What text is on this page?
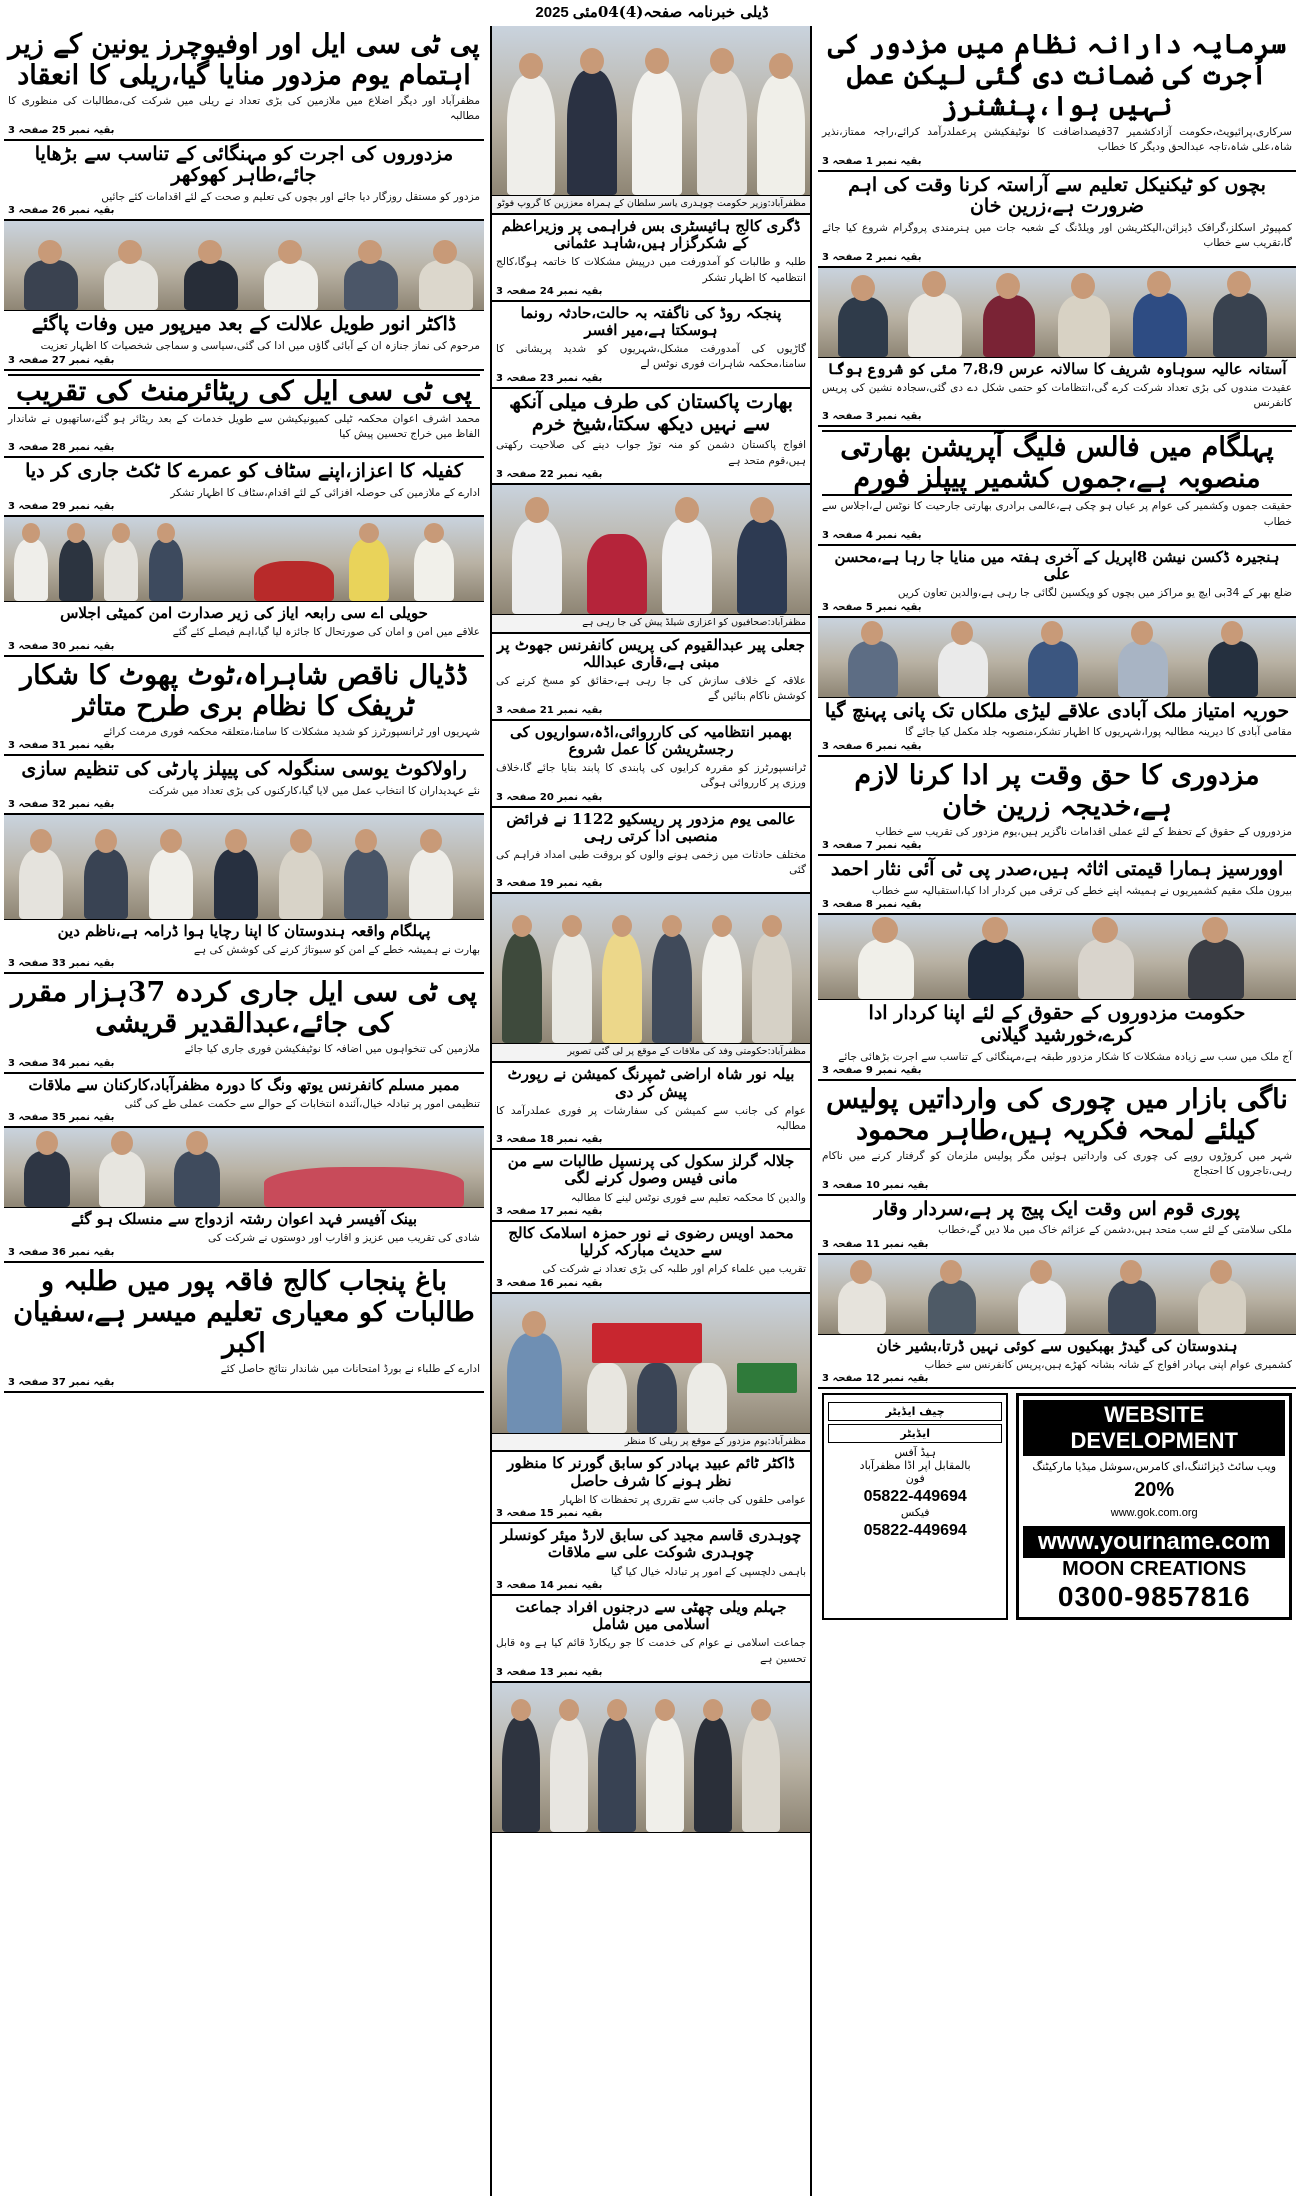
ڈیلی خبرنامہ صفحہ
(4)
04مئی
2025
سرمایہ دارانہ نظام میں مزدور کی اُجرت کی ضمانت دی گئی لیکن عمل نہیں ہوا،پنشنرز
سرکاری،پرائیویٹ،حکومت آزادکشمیر 37فیصداضافت کا نوٹیفکیشن پرعملدرآمد کرائے،راجہ ممتاز،نذیر شاہ،علی شاہ،تاجہ عبدالحق ودیگر کا خطاب
بقیہ نمبر 1 صفحہ 3
بچوں کو ٹیکنیکل تعلیم سے آراستہ کرنا وقت کی اہم ضرورت ہے،زرین خان
کمپیوٹر اسکلز،گرافک ڈیزائن،الیکٹریشن اور ویلڈنگ کے شعبہ جات میں ہنرمندی پروگرام شروع کیا جائے گا،تقریب سے خطاب
بقیہ نمبر 2 صفحہ 3
آستانہ عالیہ سوہاوہ شریف کا سالانہ عرس 7،8،9 مئی کو شروع ہوگا
عقیدت مندوں کی بڑی تعداد شرکت کرے گی،انتظامات کو حتمی شکل دے دی گئی،سجادہ نشین کی پریس کانفرنس
بقیہ نمبر 3 صفحہ 3
پہلگام میں فالس فلیگ آپریشن بھارتی منصوبہ ہے،جموں کشمیر پیپلز فورم
حقیقت جموں وکشمیر کی عوام پر عیاں ہو چکی ہے،عالمی برادری بھارتی جارحیت کا نوٹس لے،اجلاس سے خطاب
بقیہ نمبر 4 صفحہ 3
ہنجیرہ ڈکسن نیشن 8اپریل کے آخری ہفتہ میں منایا جا رہا ہے،محسن علی
ضلع بھر کے 34بی ایچ یو مراکز میں بچوں کو ویکسین لگائی جا رہی ہے،والدین تعاون کریں
بقیہ نمبر 5 صفحہ 3
حوریہ امتیاز ملک آبادی علاقے لیڑی ملکاں تک پانی پہنچ گیا
مقامی آبادی کا دیرینہ مطالبہ پورا،شہریوں کا اظہار تشکر،منصوبہ جلد مکمل کیا جائے گا
بقیہ نمبر 6 صفحہ 3
مزدوری کا حق وقت پر ادا کرنا لازم ہے،خدیجہ زرین خان
مزدوروں کے حقوق کے تحفظ کے لئے عملی اقدامات ناگزیر ہیں،یوم مزدور کی تقریب سے خطاب
بقیہ نمبر 7 صفحہ 3
اوورسیز ہمارا قیمتی اثاثہ ہیں،صدر پی ٹی آئی نثار احمد
بیرون ملک مقیم کشمیریوں نے ہمیشہ اپنے خطے کی ترقی میں کردار ادا کیا،استقبالیہ سے خطاب
بقیہ نمبر 8 صفحہ 3
حکومت مزدوروں کے حقوق کے لئے اپنا کردار ادا کرے،خورشید گیلانی
آج ملک میں سب سے زیادہ مشکلات کا شکار مزدور طبقہ ہے،مہنگائی کے تناسب سے اجرت بڑھائی جائے
بقیہ نمبر 9 صفحہ 3
ناگی بازار میں چوری کی وارداتیں پولیس کیلئے لمحہ فکریہ ہیں،طاہر محمود
شہر میں کروڑوں روپے کی چوری کی وارداتیں ہوئیں مگر پولیس ملزمان کو گرفتار کرنے میں ناکام رہی،تاجروں کا احتجاج
بقیہ نمبر 10 صفحہ 3
پوری قوم اس وقت ایک پیج پر ہے،سردار وقار
ملکی سلامتی کے لئے سب متحد ہیں،دشمن کے عزائم خاک میں ملا دیں گے،خطاب
بقیہ نمبر 11 صفحہ 3
ہندوستان کی گیدڑ بھبکیوں سے کوئی نہیں ڈرتا،بشیر خان
کشمیری عوام اپنی بہادر افواج کے شانہ بشانہ کھڑے ہیں،پریس کانفرنس سے خطاب
بقیہ نمبر 12 صفحہ 3
WEBSITE DEVELOPMENT
ویب سائٹ ڈیزائننگ،ای کامرس،سوشل میڈیا مارکیٹنگ
20%
www.gok.com.org
www.yourname.com
MOON CREATIONS
0300-9857816
چیف ایڈیٹر
ایڈیٹر
ہیڈ آفس
بالمقابل اپر اڈا مظفرآباد
فون
05822-449694
فیکس
05822-449694
مظفرآباد:وزیر حکومت چوہدری یاسر سلطان کے ہمراہ معززین کا گروپ فوٹو
ڈگری کالج ہائیسٹری بس فراہمی پر وزیراعظم کے شکرگزار ہیں،شاہد عثمانی
طلبہ و طالبات کو آمدورفت میں درپیش مشکلات کا خاتمہ ہوگا،کالج انتظامیہ کا اظہار تشکر
بقیہ نمبر 24 صفحہ 3
پنجکہ روڈ کی ناگفتہ بہ حالت،حادثہ رونما ہوسکتا ہے،میر افسر
گاڑیوں کی آمدورفت مشکل،شہریوں کو شدید پریشانی کا سامنا،محکمہ شاہرات فوری نوٹس لے
بقیہ نمبر 23 صفحہ 3
بھارت پاکستان کی طرف میلی آنکھ سے نہیں دیکھ سکتا،شیخ خرم
افواج پاکستان دشمن کو منہ توڑ جواب دینے کی صلاحیت رکھتی ہیں،قوم متحد ہے
بقیہ نمبر 22 صفحہ 3
مظفرآباد:صحافیوں کو اعزازی شیلڈ پیش کی جا رہی ہے
جعلی پیر عبدالقیوم کی پریس کانفرنس جھوٹ پر مبنی ہے،قاری عبداللہ
علاقہ کے خلاف سازش کی جا رہی ہے،حقائق کو مسخ کرنے کی کوشش ناکام بنائیں گے
بقیہ نمبر 21 صفحہ 3
بھمبر انتظامیہ کی کارروائی،اڈہ،سواریوں کی رجسٹریشن کا عمل شروع
ٹرانسپورٹرز کو مقررہ کرایوں کی پابندی کا پابند بنایا جائے گا،خلاف ورزی پر کارروائی ہوگی
بقیہ نمبر 20 صفحہ 3
عالمی یوم مزدور پر ریسکیو 1122 نے فرائض منصبی ادا کرتی رہی
مختلف حادثات میں زخمی ہونے والوں کو بروقت طبی امداد فراہم کی گئی
بقیہ نمبر 19 صفحہ 3
مظفرآباد:حکومتی وفد کی ملاقات کے موقع پر لی گئی تصویر
بیلہ نور شاہ اراضی ٹمپرنگ کمیشن نے رپورٹ پیش کر دی
عوام کی جانب سے کمیشن کی سفارشات پر فوری عملدرآمد کا مطالبہ
بقیہ نمبر 18 صفحہ 3
جلالہ گرلز سکول کی پرنسپل طالبات سے من مانی فیس وصول کرنے لگی
والدین کا محکمہ تعلیم سے فوری نوٹس لینے کا مطالبہ
بقیہ نمبر 17 صفحہ 3
محمد اویس رضوی نے نور حمزہ اسلامک کالج سے حدیث مبارکہ کرلیا
تقریب میں علماء کرام اور طلبہ کی بڑی تعداد نے شرکت کی
بقیہ نمبر 16 صفحہ 3
مظفرآباد:یوم مزدور کے موقع پر ریلی کا منظر
ڈاکٹر ٹائم عبید بہادر کو سابق گورنر کا منظور نظر ہونے کا شرف حاصل
عوامی حلقوں کی جانب سے تقرری پر تحفظات کا اظہار
بقیہ نمبر 15 صفحہ 3
چوہدری قاسم مجید کی سابق لارڈ میئر کونسلر چوہدری شوکت علی سے ملاقات
باہمی دلچسپی کے امور پر تبادلہ خیال کیا گیا
بقیہ نمبر 14 صفحہ 3
جہلم ویلی چھٹی سے درجنوں افراد جماعت اسلامی میں شامل
جماعت اسلامی نے عوام کی خدمت کا جو ریکارڈ قائم کیا ہے وہ قابل تحسین ہے
بقیہ نمبر 13 صفحہ 3
پی ٹی سی ایل اور اوفیوچرز یونین کے زیر اہتمام یوم مزدور منایا گیا،ریلی کا انعقاد
مظفرآباد اور دیگر اضلاع میں ملازمین کی بڑی تعداد نے ریلی میں شرکت کی،مطالبات کی منظوری کا مطالبہ
بقیہ نمبر 25 صفحہ 3
مزدوروں کی اجرت کو مہنگائی کے تناسب سے بڑھایا جائے،طاہر کھوکھر
مزدور کو مستقل روزگار دیا جائے اور بچوں کی تعلیم و صحت کے لئے اقدامات کئے جائیں
بقیہ نمبر 26 صفحہ 3
ڈاکٹر انور طویل علالت کے بعد میرپور میں وفات پاگئے
مرحوم کی نماز جنازہ ان کے آبائی گاؤں میں ادا کی گئی،سیاسی و سماجی شخصیات کا اظہار تعزیت
بقیہ نمبر 27 صفحہ 3
پی ٹی سی ایل کی ریٹائرمنٹ کی تقریب
محمد اشرف اعوان محکمہ ٹیلی کمیونیکیشن سے طویل خدمات کے بعد ریٹائر ہو گئے،ساتھیوں نے شاندار الفاظ میں خراج تحسین پیش کیا
بقیہ نمبر 28 صفحہ 3
کفیلہ کا اعزاز،اپنے سٹاف کو عمرے کا ٹکٹ جاری کر دیا
ادارے کے ملازمین کی حوصلہ افزائی کے لئے اقدام،سٹاف کا اظہار تشکر
بقیہ نمبر 29 صفحہ 3
حویلی اے سی رابعہ ایاز کی زیر صدارت امن کمیٹی اجلاس
علاقے میں امن و امان کی صورتحال کا جائزہ لیا گیا،اہم فیصلے کئے گئے
بقیہ نمبر 30 صفحہ 3
ڈڈیال ناقص شاہراہ،ٹوٹ پھوٹ کا شکار ٹریفک کا نظام بری طرح متاثر
شہریوں اور ٹرانسپورٹرز کو شدید مشکلات کا سامنا،متعلقہ محکمہ فوری مرمت کرائے
بقیہ نمبر 31 صفحہ 3
راولاکوٹ یوسی سنگولہ کی پیپلز پارٹی کی تنظیم سازی
نئے عہدیداران کا انتخاب عمل میں لایا گیا،کارکنوں کی بڑی تعداد میں شرکت
بقیہ نمبر 32 صفحہ 3
پہلگام واقعہ ہندوستان کا اپنا رچایا ہوا ڈرامہ ہے،ناظم دین
بھارت نے ہمیشہ خطے کے امن کو سبوتاژ کرنے کی کوشش کی ہے
بقیہ نمبر 33 صفحہ 3
پی ٹی سی ایل جاری کردہ 37ہزار مقرر کی جائے،عبدالقدیر قریشی
ملازمین کی تنخواہوں میں اضافہ کا نوٹیفکیشن فوری جاری کیا جائے
بقیہ نمبر 34 صفحہ 3
ممبر مسلم کانفرنس یوتھ ونگ کا دورہ مظفرآباد،کارکنان سے ملاقات
تنظیمی امور پر تبادلہ خیال،آئندہ انتخابات کے حوالے سے حکمت عملی طے کی گئی
بقیہ نمبر 35 صفحہ 3
بینک آفیسر فہد اعوان رشتہ ازدواج سے منسلک ہو گئے
شادی کی تقریب میں عزیز و اقارب اور دوستوں نے شرکت کی
بقیہ نمبر 36 صفحہ 3
باغ پنجاب کالج فاقہ پور میں طلبہ و طالبات کو معیاری تعلیم میسر ہے،سفیان اکبر
ادارے کے طلباء نے بورڈ امتحانات میں شاندار نتائج حاصل کئے
بقیہ نمبر 37 صفحہ 3
